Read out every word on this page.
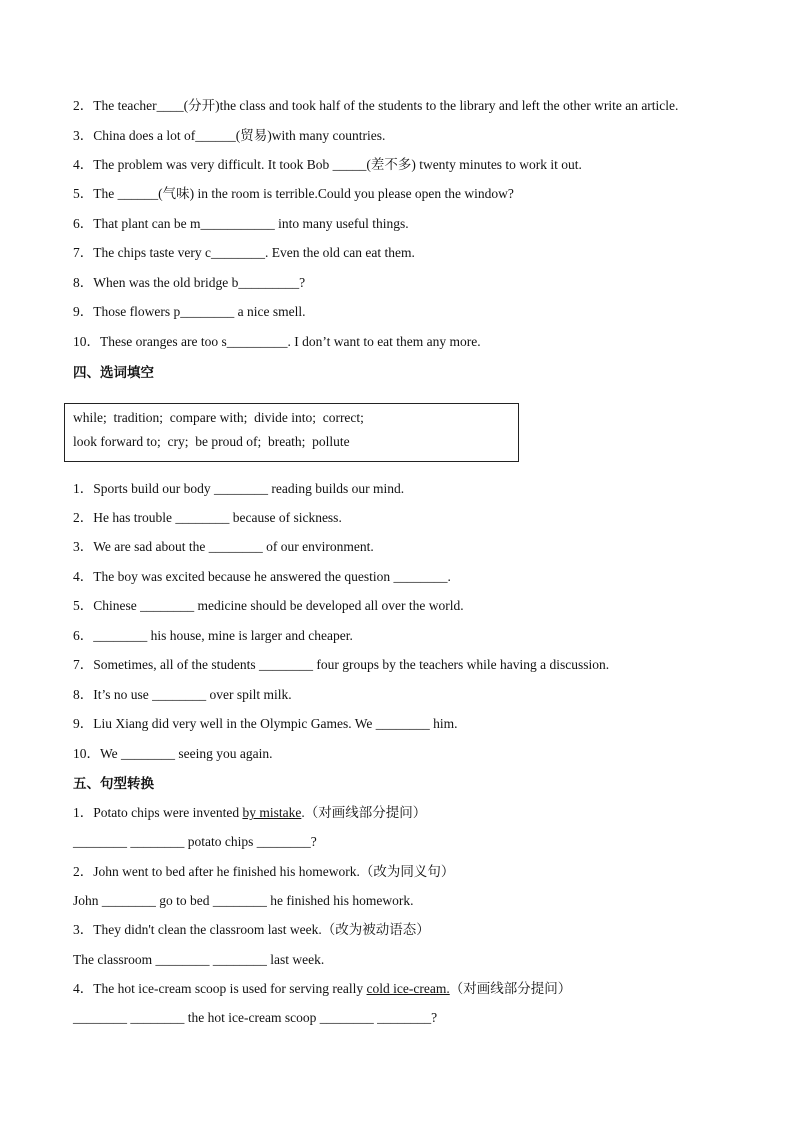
2．The teacher____(分开)the class and took half of the students to the library and left the other write an article.
3．China does a lot of______(贸易)with many countries.
4．The problem was very difficult. It took Bob _____(差不多) twenty minutes to work it out.
5．The ______(气味) in the room is terrible.Could you please open the window?
6．That plant can be m___________ into many useful things.
7．The chips taste very c________. Even the old can eat them.
8．When was the old bridge b_________?
9．Those flowers p________ a nice smell.
10．These oranges are too s_________. I don’t want to eat them any more.
四、选词填空
while;  tradition;  compare with;  divide into;  correct;
look forward to;  cry;  be proud of;  breath;  pollute
1．Sports build our body ________ reading builds our mind.
2．He has trouble ________ because of sickness.
3．We are sad about the ________ of our environment.
4．The boy was excited because he answered the question ________.
5．Chinese ________ medicine should be developed all over the world.
6．________ his house, mine is larger and cheaper.
7．Sometimes, all of the students ________ four groups by the teachers while having a discussion.
8．It’s no use ________ over spilt milk.
9．Liu Xiang did very well in the Olympic Games. We ________ him.
10．We ________ seeing you again.
五、句型转换
1．Potato chips were invented by mistake.（对画线部分提问）
________ ________ potato chips ________?
2．John went to bed after he finished his homework.（改为同义句）
John ________ go to bed ________ he finished his homework.
3．They didn't clean the classroom last week.（改为被动语态）
The classroom ________ ________ last week.
4．The hot ice-cream scoop is used for serving really cold ice-cream.（对画线部分提问）
________ ________ the hot ice-cream scoop ________ ________?
